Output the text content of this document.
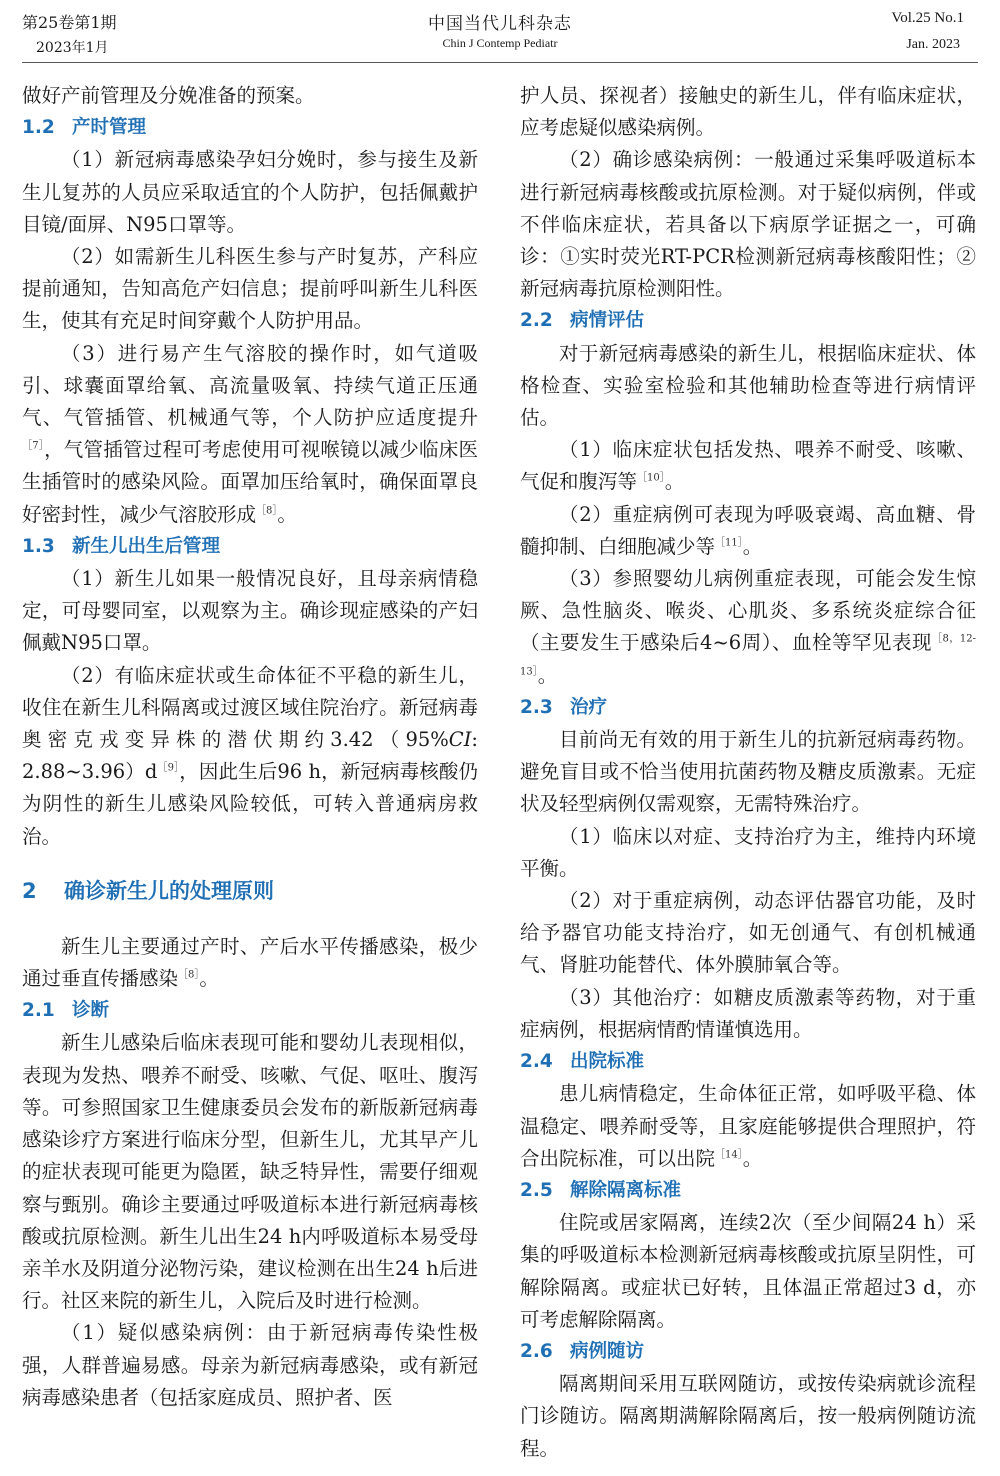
第25卷第1期
2023年1月
中国当代儿科杂志
Chin J Contemp Pediatr
Vol.25 No.1
Jan. 2023

做好产前管理及分娩准备的预案。

1.2 产时管理

（1）新冠病毒感染孕妇分娩时，参与接生及新生儿复苏的人员应采取适宜的个人防护，包括佩戴护目镜/面屏、N95口罩等。

（2）如需新生儿科医生参与产时复苏，产科应提前通知，告知高危产妇信息；提前呼叫新生儿科医生，使其有充足时间穿戴个人防护用品。

（3）进行易产生气溶胶的操作时，如气道吸引、球囊面罩给氧、高流量吸氧、持续气道正压通气、气管插管、机械通气等，个人防护应适度提升$^{[7]}$，气管插管过程可考虑使用可视喉镜以减少临床医生插管时的感染风险。面罩加压给氧时，确保面罩良好密封性，减少气溶胶形成$^{[8]}$。

1.3 新生儿出生后管理

（1）新生儿如果一般情况良好，且母亲病情稳定，可母婴同室，以观察为主。确诊现症感染的产妇佩戴N95口罩。

（2）有临床症状或生命体征不平稳的新生儿，收住在新生儿科隔离或过渡区域住院治疗。新冠病毒奥密克戎变异株的潜伏期约3.42（95%CI: 2.88~3.96）d$^{[9]}$，因此生后96 h，新冠病毒核酸仍为阴性的新生儿感染风险较低，可转入普通病房救治。

2 确诊新生儿的处理原则

新生儿主要通过产时、产后水平传播感染，极少通过垂直传播感染$^{[8]}$。

2.1 诊断

新生儿感染后临床表现可能和婴幼儿表现相似，表现为发热、喂养不耐受、咳嗽、气促、呕吐、腹泻等。可参照国家卫生健康委员会发布的新版新冠病毒感染诊疗方案进行临床分型，但新生儿，尤其早产儿的症状表现可能更为隐匿，缺乏特异性，需要仔细观察与甄别。确诊主要通过呼吸道标本进行新冠病毒核酸或抗原检测。新生儿出生24 h内呼吸道标本易受母亲羊水及阴道分泌物污染，建议检测在出生24 h后进行。社区来院的新生儿，入院后及时进行检测。

（1）疑似感染病例：由于新冠病毒传染性极强，人群普遍易感。母亲为新冠病毒感染，或有新冠病毒感染患者（包括家庭成员、照护者、医

护人员、探视者）接触史的新生儿，伴有临床症状，应考虑疑似感染病例。

（2）确诊感染病例：一般通过采集呼吸道标本进行新冠病毒核酸或抗原检测。对于疑似病例，伴或不伴临床症状，若具备以下病原学证据之一，可确诊：①实时荧光RT-PCR检测新冠病毒核酸阳性；②新冠病毒抗原检测阳性。

2.2 病情评估

对于新冠病毒感染的新生儿，根据临床症状、体格检查、实验室检验和其他辅助检查等进行病情评估。

（1）临床症状包括发热、喂养不耐受、咳嗽、气促和腹泻等$^{[10]}$。

（2）重症病例可表现为呼吸衰竭、高血糖、骨髓抑制、白细胞减少等$^{[11]}$。

（3）参照婴幼儿病例重症表现，可能会发生惊厥、急性脑炎、喉炎、心肌炎、多系统炎症综合征（主要发生于感染后4~6周）、血栓等罕见表现$^{[8,12-13]}$。

2.3 治疗

目前尚无有效的用于新生儿的抗新冠病毒药物。避免盲目或不恰当使用抗菌药物及糖皮质激素。无症状及轻型病例仅需观察，无需特殊治疗。

（1）临床以对症、支持治疗为主，维持内环境平衡。

（2）对于重症病例，动态评估器官功能，及时给予器官功能支持治疗，如无创通气、有创机械通气、肾脏功能替代、体外膜肺氧合等。

（3）其他治疗：如糖皮质激素等药物，对于重症病例，根据病情酌情谨慎选用。

2.4 出院标准

患儿病情稳定，生命体征正常，如呼吸平稳、体温稳定、喂养耐受等，且家庭能够提供合理照护，符合出院标准，可以出院$^{[14]}$。

2.5 解除隔离标准

住院或居家隔离，连续2次（至少间隔24 h）采集的呼吸道标本检测新冠病毒核酸或抗原呈阴性，可解除隔离。或症状已好转，且体温正常超过3 d，亦可考虑解除隔离。

2.6 病例随访

隔离期间采用互联网随访，或按传染病就诊流程门诊随访。隔离期满解除隔离后，按一般病例随访流程。
